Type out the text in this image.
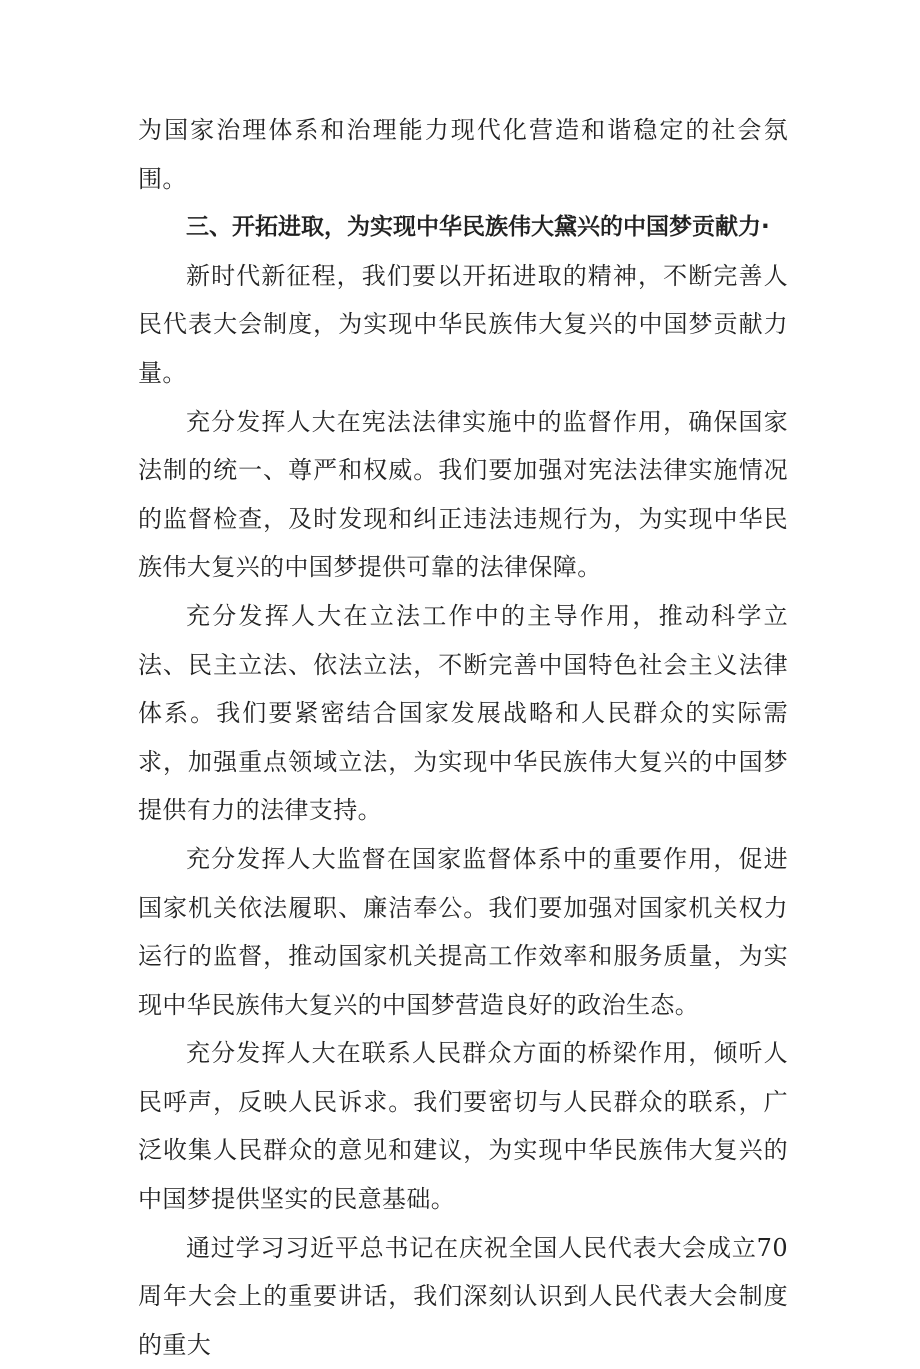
为国家治理体系和治理能力现代化营造和谐稳定的社会氛围。

三、开拓进取，为实现中华民族伟大黛兴的中国梦贡献力·

新时代新征程，我们要以开拓进取的精神，不断完善人民代表大会制度，为实现中华民族伟大复兴的中国梦贡献力量。

充分发挥人大在宪法法律实施中的监督作用，确保国家法制的统一、尊严和权威。我们要加强对宪法法律实施情况的监督检查，及时发现和纠正违法违规行为，为实现中华民族伟大复兴的中国梦提供可靠的法律保障。

充分发挥人大在立法工作中的主导作用，推动科学立法、民主立法、依法立法，不断完善中国特色社会主义法律体系。我们要紧密结合国家发展战略和人民群众的实际需求，加强重点领域立法，为实现中华民族伟大复兴的中国梦提供有力的法律支持。

充分发挥人大监督在国家监督体系中的重要作用，促进国家机关依法履职、廉洁奉公。我们要加强对国家机关权力运行的监督，推动国家机关提高工作效率和服务质量，为实现中华民族伟大复兴的中国梦营造良好的政治生态。

充分发挥人大在联系人民群众方面的桥梁作用，倾听人民呼声，反映人民诉求。我们要密切与人民群众的联系，广泛收集人民群众的意见和建议，为实现中华民族伟大复兴的中国梦提供坚实的民意基础。

通过学习习近平总书记在庆祝全国人民代表大会成立70周年大会上的重要讲话，我们深刻认识到人民代表大会制度的重大
